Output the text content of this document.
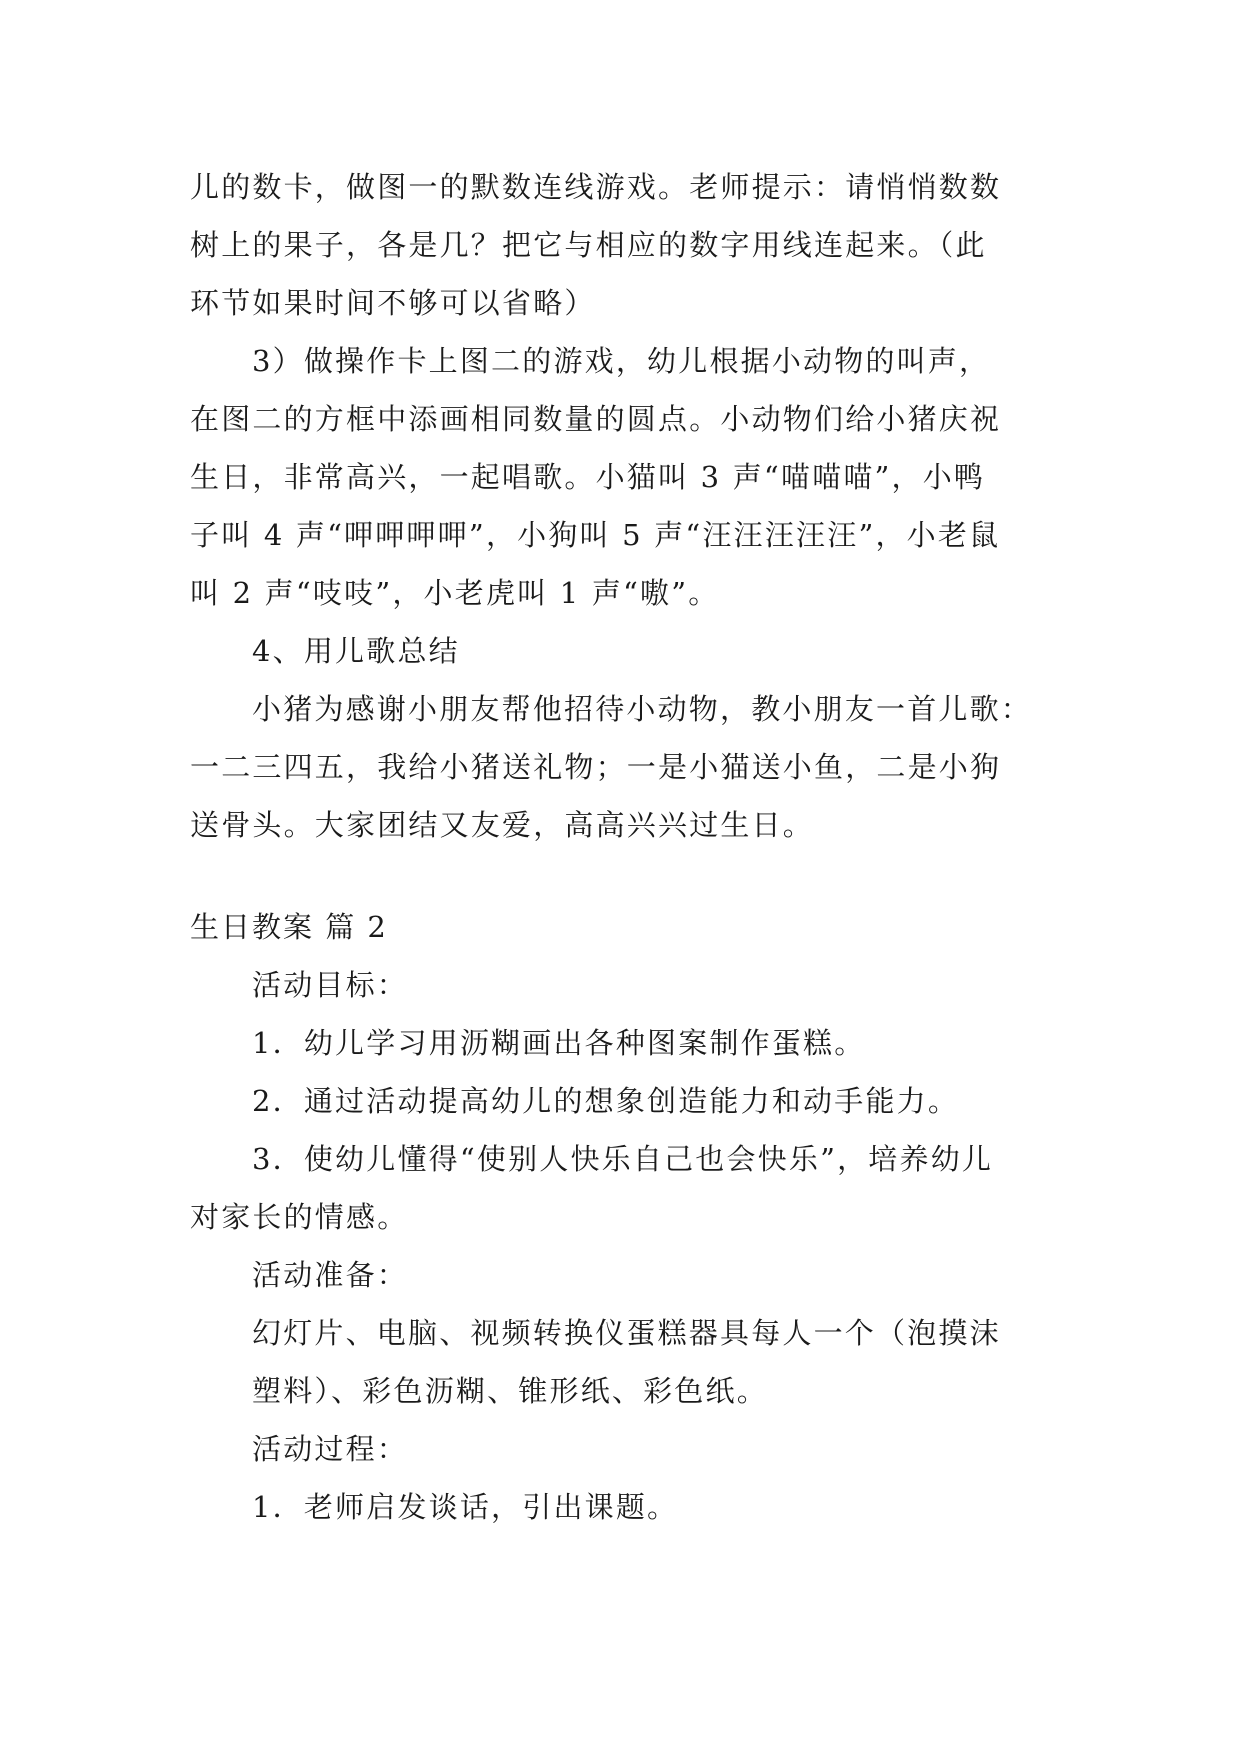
儿的数卡，做图一的默数连线游戏。老师提示：请悄悄数数
树上的果子，各是几？把它与相应的数字用线连起来。（此
环节如果时间不够可以省略）
3）做操作卡上图二的游戏，幼儿根据小动物的叫声，
在图二的方框中添画相同数量的圆点。小动物们给小猪庆祝
生日，非常高兴，一起唱歌。小猫叫 3 声“喵喵喵”，小鸭
子叫 4 声“呷呷呷呷”，小狗叫 5 声“汪汪汪汪汪”，小老鼠
叫 2 声“吱吱”，小老虎叫 1 声“嗷”。
4、用儿歌总结
小猪为感谢小朋友帮他招待小动物，教小朋友一首儿歌：
一二三四五，我给小猪送礼物；一是小猫送小鱼，二是小狗
送骨头。大家团结又友爱，高高兴兴过生日。
生日教案 篇 2
活动目标：
1．幼儿学习用沥糊画出各种图案制作蛋糕。
2．通过活动提高幼儿的想象创造能力和动手能力。
3．使幼儿懂得“使别人快乐自己也会快乐”，培养幼儿
对家长的情感。
活动准备：
幻灯片、电脑、视频转换仪蛋糕器具每人一个（泡摸沫
塑料）、彩色沥糊、锥形纸、彩色纸。
活动过程：
1．老师启发谈话，引出课题。
